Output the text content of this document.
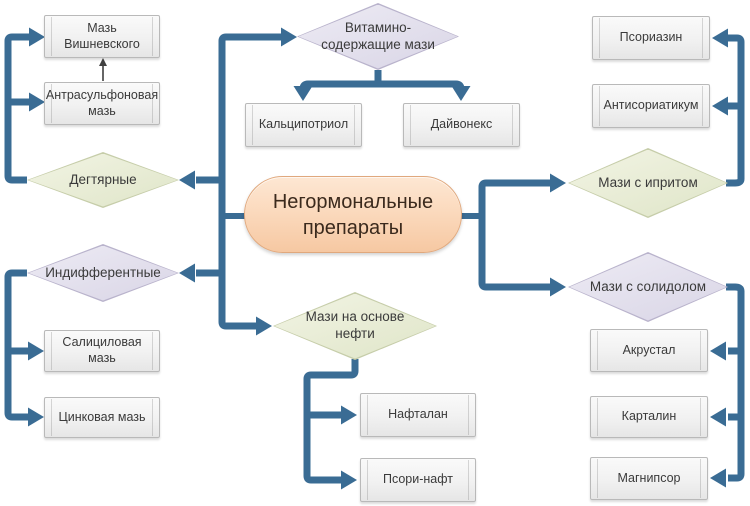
Негормональные препараты
Витамино-содержащие мази
Дегтярные
Индифферентные
Мази на основе нефти
Мази с ипритом
Мази с солидолом
Мазь Вишневского
Антрасульфоновая мазь
Салициловая мазь
Цинковая мазь
Кальципотриол	Дайвонекс
Нафталан
Псори-нафт
Псориазин
Антисориатикум
Акрустал
Карталин
Магнипсор
